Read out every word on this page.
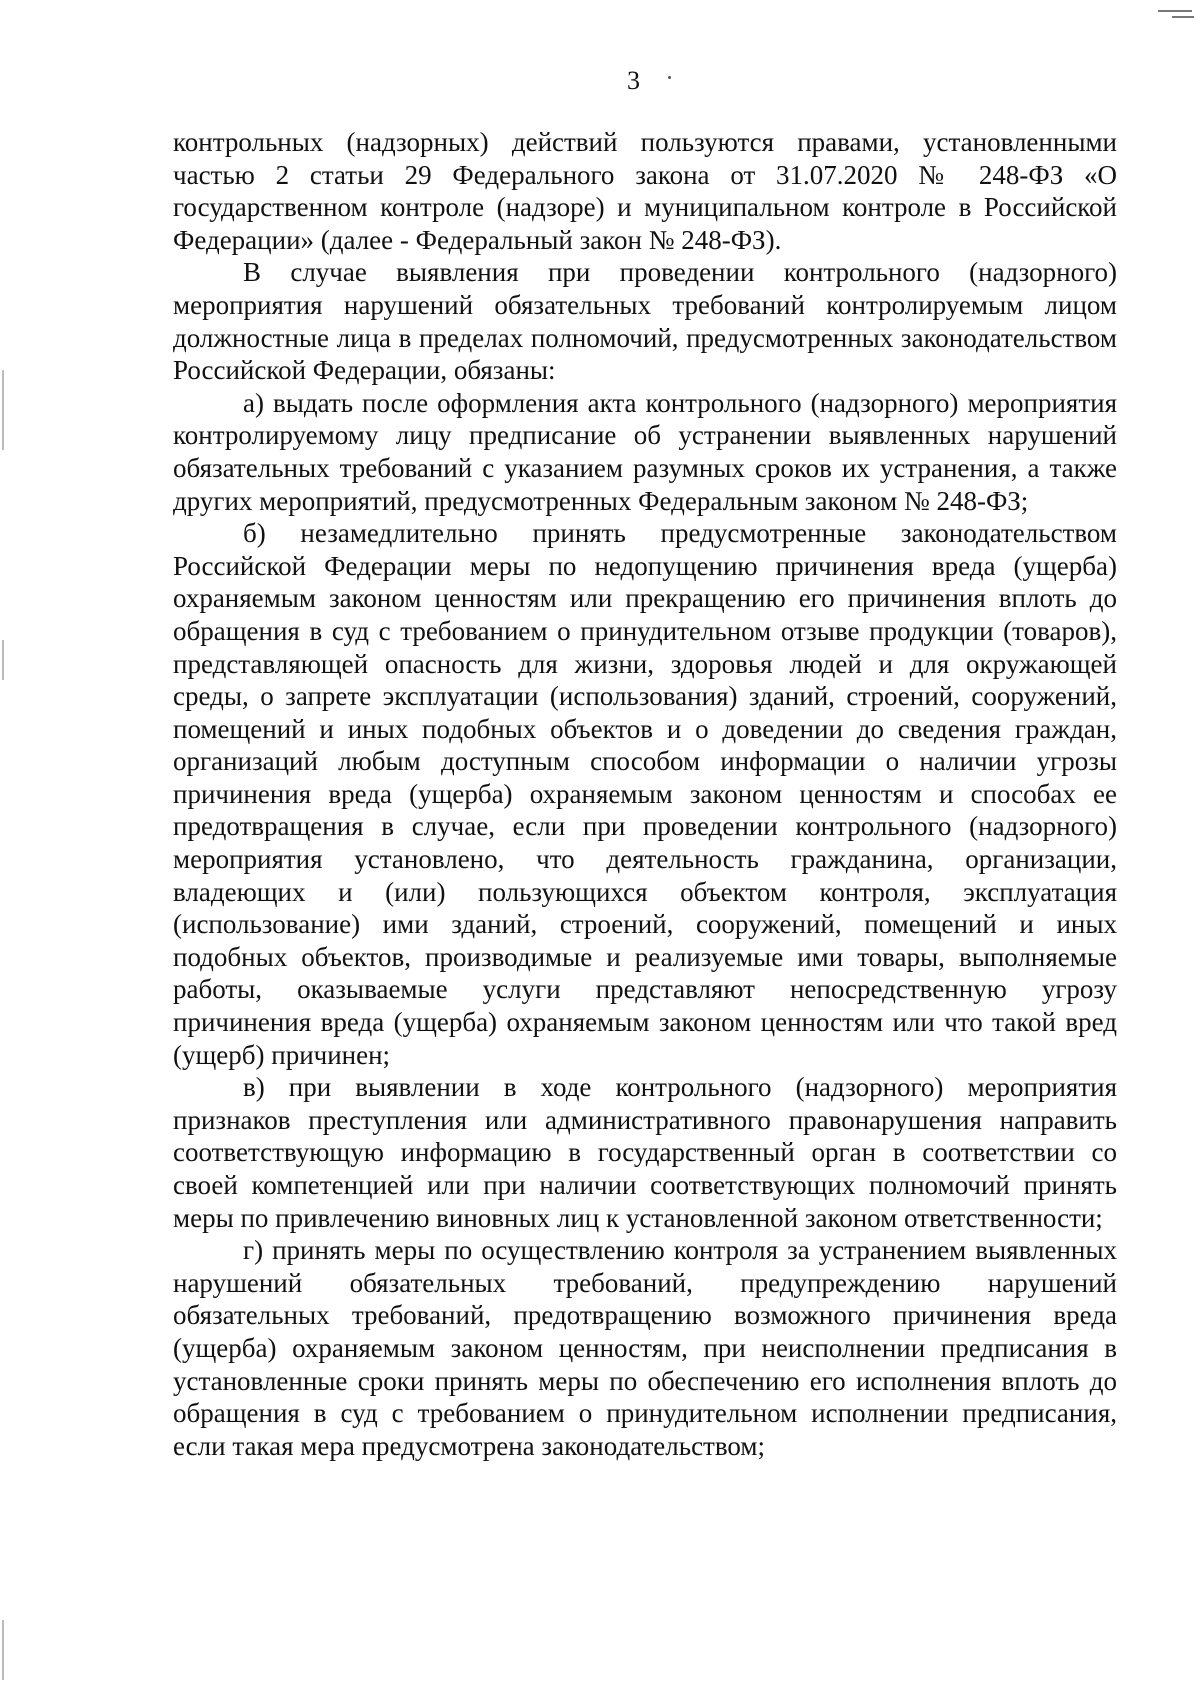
3

контрольных (надзорных) действий пользуются правами, установленными частью 2 статьи 29 Федерального закона от 31.07.2020 № 248-ФЗ «О государственном контроле (надзоре) и муниципальном контроле в Российской Федерации» (далее - Федеральный закон № 248-ФЗ).

В случае выявления при проведении контрольного (надзорного) мероприятия нарушений обязательных требований контролируемым лицом должностные лица в пределах полномочий, предусмотренных законодательством Российской Федерации, обязаны:

а) выдать после оформления акта контрольного (надзорного) мероприятия контролируемому лицу предписание об устранении выявленных нарушений обязательных требований с указанием разумных сроков их устранения, а также других мероприятий, предусмотренных Федеральным законом № 248-ФЗ;

б) незамедлительно принять предусмотренные законодательством Российской Федерации меры по недопущению причинения вреда (ущерба) охраняемым законом ценностям или прекращению его причинения вплоть до обращения в суд с требованием о принудительном отзыве продукции (товаров), представляющей опасность для жизни, здоровья людей и для окружающей среды, о запрете эксплуатации (использования) зданий, строений, сооружений, помещений и иных подобных объектов и о доведении до сведения граждан, организаций любым доступным способом информации о наличии угрозы причинения вреда (ущерба) охраняемым законом ценностям и способах ее предотвращения в случае, если при проведении контрольного (надзорного) мероприятия установлено, что деятельность гражданина, организации, владеющих и (или) пользующихся объектом контроля, эксплуатация (использование) ими зданий, строений, сооружений, помещений и иных подобных объектов, производимые и реализуемые ими товары, выполняемые работы, оказываемые услуги представляют непосредственную угрозу причинения вреда (ущерба) охраняемым законом ценностям или что такой вред (ущерб) причинен;

в) при выявлении в ходе контрольного (надзорного) мероприятия признаков преступления или административного правонарушения направить соответствующую информацию в государственный орган в соответствии со своей компетенцией или при наличии соответствующих полномочий принять меры по привлечению виновных лиц к установленной законом ответственности;

г) принять меры по осуществлению контроля за устранением выявленных нарушений обязательных требований, предупреждению нарушений обязательных требований, предотвращению возможного причинения вреда (ущерба) охраняемым законом ценностям, при неисполнении предписания в установленные сроки принять меры по обеспечению его исполнения вплоть до обращения в суд с требованием о принудительном исполнении предписания, если такая мера предусмотрена законодательством;
